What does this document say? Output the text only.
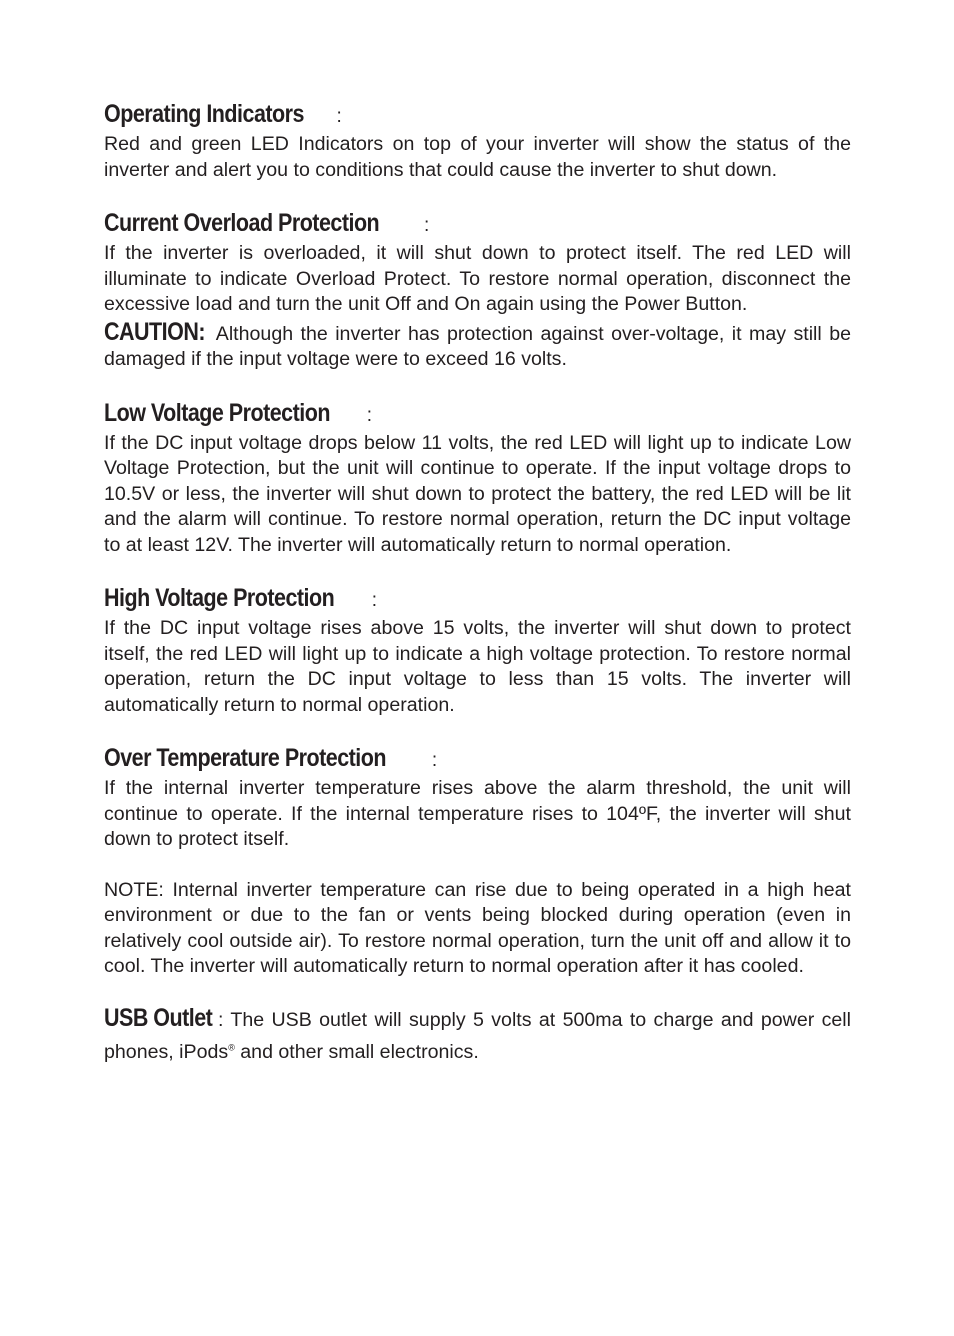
Operating Indicators :

Red and green LED Indicators on top of your inverter will show the status of the inverter and alert you to conditions that could cause the inverter to shut down.

Current Overload Protection :

If the inverter is overloaded, it will shut down to protect itself. The red LED will illuminate to indicate Overload Protect. To restore normal operation, disconnect the excessive load and turn the unit Off and On again using the Power Button.

CAUTION: Although the inverter has protection against over-voltage, it may still be damaged if the input voltage were to exceed 16 volts.

Low Voltage Protection :

If the DC input voltage drops below 11 volts, the red LED will light up to indicate Low Voltage Protection, but the unit will continue to operate. If the input voltage drops to 10.5V or less, the inverter will shut down to protect the battery, the red LED will be lit and the alarm will continue. To restore normal operation, return the DC input voltage to at least 12V. The inverter will automatically return to normal operation.

High Voltage Protection :

If the DC input voltage rises above 15 volts, the inverter will shut down to protect itself, the red LED will light up to indicate a high voltage protection. To restore normal operation, return the DC input voltage to less than 15 volts. The inverter will automatically return to normal operation.

Over Temperature Protection :

If the internal inverter temperature rises above the alarm threshold, the unit will continue to operate. If the internal temperature rises to 104ºF, the inverter will shut down to protect itself.

NOTE: Internal inverter temperature can rise due to being operated in a high heat environment or due to the fan or vents being blocked during operation (even in relatively cool outside air). To restore normal operation, turn the unit off and allow it to cool. The inverter will automatically return to normal operation after it has cooled.

USB Outlet : The USB outlet will supply 5 volts at 500ma to charge and power cell phones, iPods® and other small electronics.
